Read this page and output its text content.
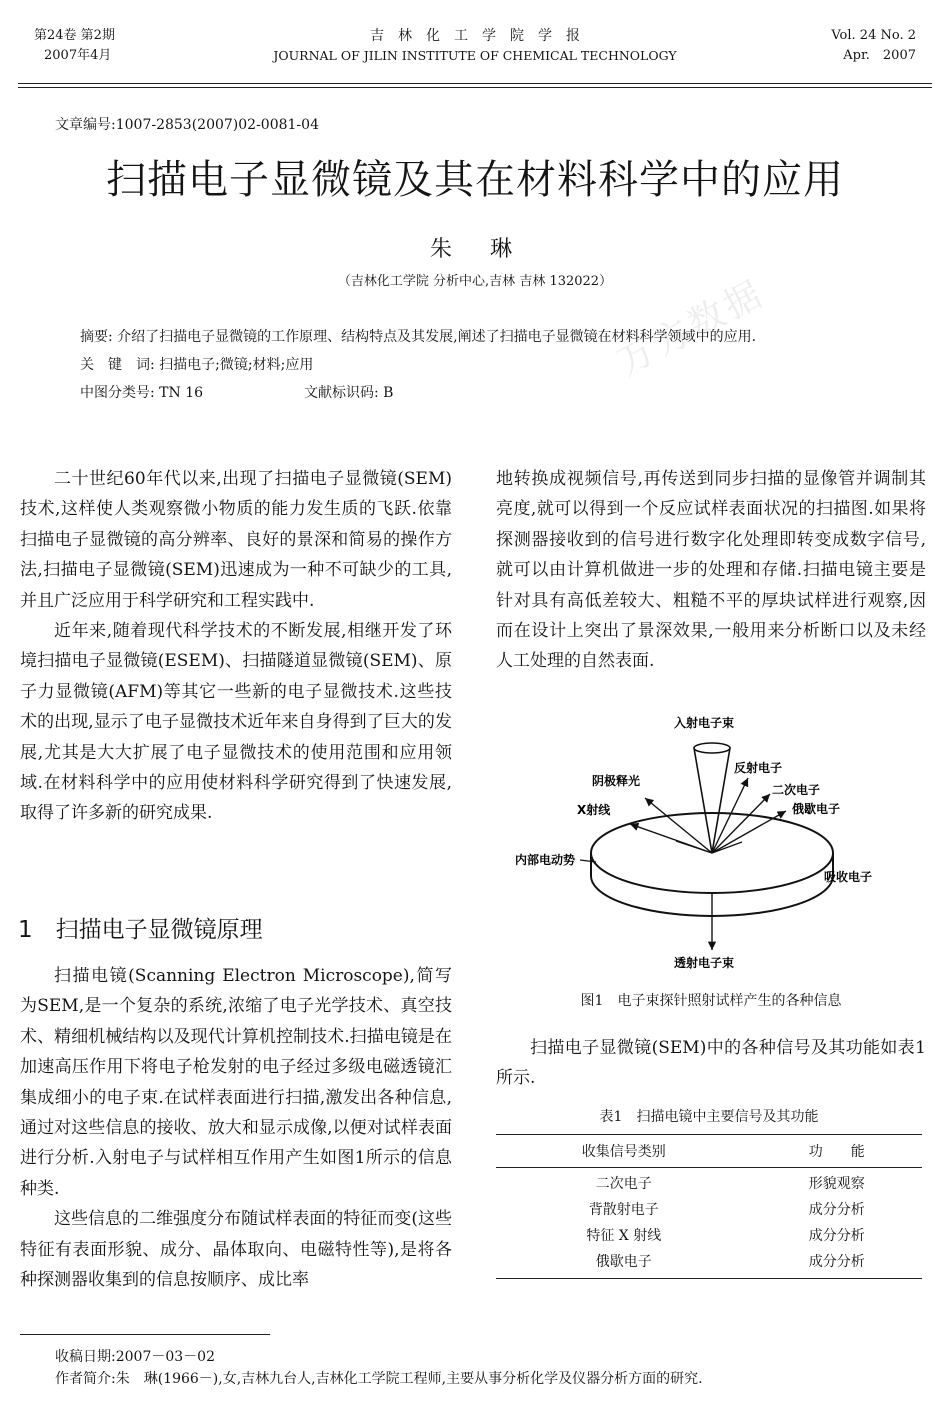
万方数据
第24卷 第2期
2007年4月
吉　林　化　工　学　院　学　报
JOURNAL OF JILIN INSTITUTE OF CHEMICAL TECHNOLOGY
Vol. 24 No. 2
Apr.　2007
文章编号:1007-2853(2007)02-0081-04
扫描电子显微镜及其在材料科学中的应用
朱　琳
（吉林化工学院 分析中心,吉林 吉林 132022）
摘要: 介绍了扫描电子显微镜的工作原理、结构特点及其发展,阐述了扫描电子显微镜在材料科学领域中的应用.
关　键　词: 扫描电子;微镜;材料;应用
中图分类号: TN 16	文献标识码: B

二十世纪60年代以来,出现了扫描电子显微镜(SEM)技术,这样使人类观察微小物质的能力发生质的飞跃.依靠扫描电子显微镜的高分辨率、良好的景深和简易的操作方法,扫描电子显微镜(SEM)迅速成为一种不可缺少的工具,并且广泛应用于科学研究和工程实践中.

近年来,随着现代科学技术的不断发展,相继开发了环境扫描电子显微镜(ESEM)、扫描隧道显微镜(SEM)、原子力显微镜(AFM)等其它一些新的电子显微技术.这些技术的出现,显示了电子显微技术近年来自身得到了巨大的发展,尤其是大大扩展了电子显微技术的使用范围和应用领域.在材料科学中的应用使材料科学研究得到了快速发展,取得了许多新的研究成果.

1　扫描电子显微镜原理

扫描电镜(Scanning Electron Microscope),简写为SEM,是一个复杂的系统,浓缩了电子光学技术、真空技术、精细机械结构以及现代计算机控制技术.扫描电镜是在加速高压作用下将电子枪发射的电子经过多级电磁透镜汇集成细小的电子束.在试样表面进行扫描,激发出各种信息,通过对这些信息的接收、放大和显示成像,以便对试样表面进行分析.入射电子与试样相互作用产生如图1所示的信息种类.

这些信息的二维强度分布随试样表面的特征而变(这些特征有表面形貌、成分、晶体取向、电磁特性等),是将各种探测器收集到的信息按顺序、成比率

地转换成视频信号,再传送到同步扫描的显像管并调制其亮度,就可以得到一个反应试样表面状况的扫描图.如果将探测器接收到的信号进行数字化处理即转变成数字信号,就可以由计算机做进一步的处理和存储.扫描电镜主要是针对具有高低差较大、粗糙不平的厚块试样进行观察,因而在设计上突出了景深效果,一般用来分析断口以及未经人工处理的自然表面.

入射电子束
反射电子
阴极释光
二次电子
X射线	俄歇电子
内部电动势
吸收电子
透射电子束
图1　电子束探针照射试样产生的各种信息

扫描电子显微镜(SEM)中的各种信号及其功能如表1所示.

表1　扫描电镜中主要信号及其功能
收集信号类别	功　　能
二次电子	形貌观察
背散射电子	成分分析
特征 X 射线	成分分析
俄歇电子	成分分析
收稿日期:2007－03－02
作者简介:朱　琳(1966－),女,吉林九台人,吉林化工学院工程师,主要从事分析化学及仪器分析方面的研究.
